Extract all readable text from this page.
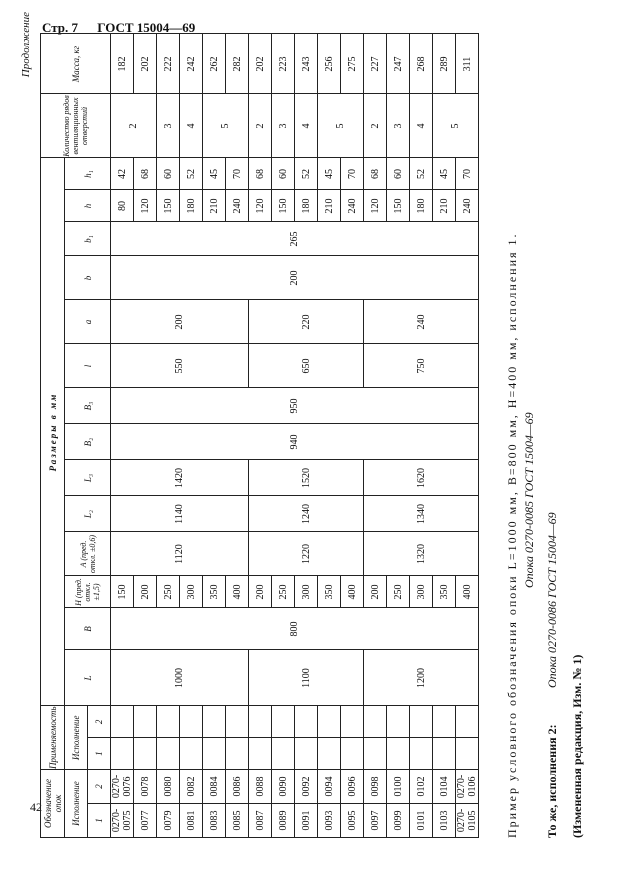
Стр. 7 ГОСТ 15004—69
42
Продолжение
Обозначение опок		Применяемость		Размеры в мм														Количество рядов вентиляционных отверстий	Масса, кг
Исполнение		Исполнение		L	B	H (пред. откл. ±1,5)	A (пред. откл. ±0,6)	L₂	L₃	B₂	B₃	l	a	b	b₁	h	h₁		
1	2	1	2																
0270-0075	0270-0076			1000	800	150	1120	1140	1420	940	950	550	200	200	265	80	42	2	182
0077	0078					200										120	68		202
0079	0080					250										150	60	3	222
0081	0082					300										180	52	4	242
0083	0084					350										210	45	5	262
0085	0086					400										240	70		282
0087	0088			1100		200	1220	1240	1520			650	220			120	68	2	202
0089	0090					250										150	60	3	223
0091	0092					300										180	52	4	243
0093	0094					350										210	45	5	256
0095	0096					400										240	70		275
0097	0098			1200		200	1320	1340	1620			750	240			120	68	2	227
0099	0100					250										150	60	3	247
0101	0102					300										180	52	4	268
0103	0104					350										210	45	5	289
0270-0105	0270-0106					400										240	70		311
Пример условного обозначения опоки L=1000 мм, B=800 мм, H=400 мм, исполнения 1. Опока 0270-0085 ГОСТ 15004—69
То же, исполнения 2:
Опока 0270-0086 ГОСТ 15004—69
(Измененная редакция, Изм. № 1)
